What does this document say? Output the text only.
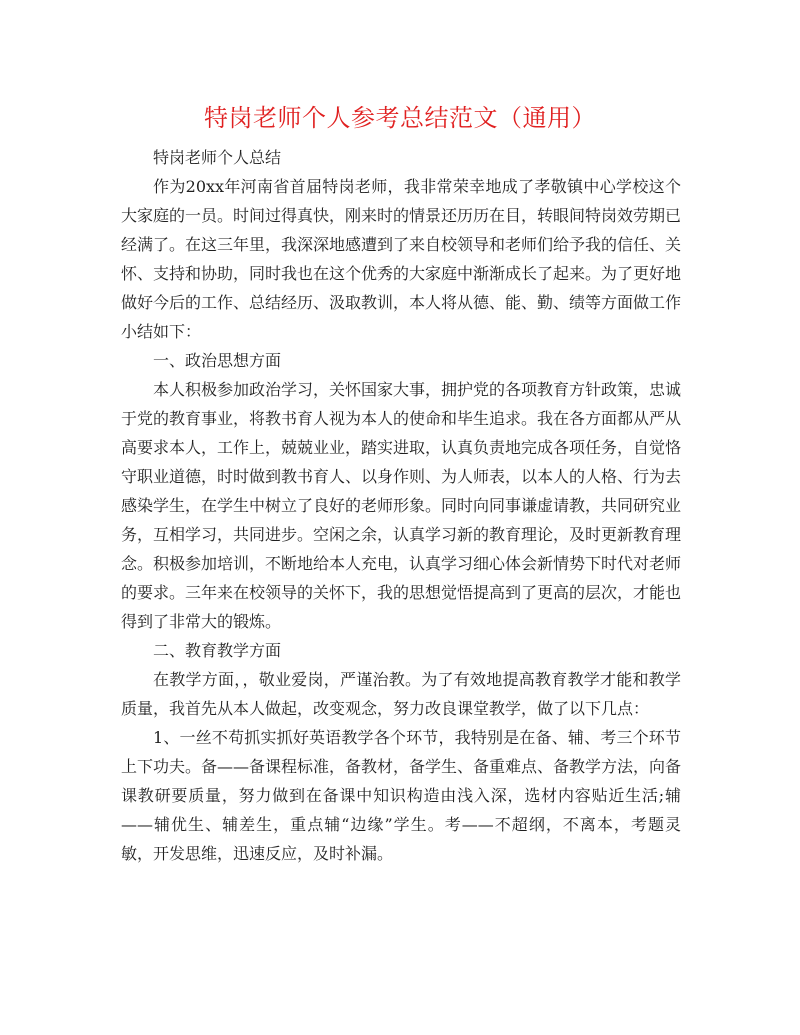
特岗老师个人参考总结范文（通用）

特岗老师个人总结

作为20xx年河南省首届特岗老师，我非常荣幸地成了孝敬镇中心学校这个大家庭的一员。时间过得真快，刚来时的情景还历历在目，转眼间特岗效劳期已经满了。在这三年里，我深深地感遭到了来自校领导和老师们给予我的信任、关怀、支持和协助，同时我也在这个优秀的大家庭中渐渐成长了起来。为了更好地做好今后的工作、总结经历、汲取教训，本人将从德、能、勤、绩等方面做工作小结如下：

一、政治思想方面

本人积极参加政治学习，关怀国家大事，拥护党的各项教育方针政策，忠诚于党的教育事业，将教书育人视为本人的使命和毕生追求。我在各方面都从严从高要求本人，工作上，兢兢业业，踏实进取，认真负责地完成各项任务，自觉恪守职业道德，时时做到教书育人、以身作则、为人师表，以本人的人格、行为去感染学生，在学生中树立了良好的老师形象。同时向同事谦虚请教，共同研究业务，互相学习，共同进步。空闲之余，认真学习新的教育理论，及时更新教育理念。积极参加培训，不断地给本人充电，认真学习细心体会新情势下时代对老师的要求。三年来在校领导的关怀下，我的思想觉悟提高到了更高的层次，才能也得到了非常大的锻炼。

二、教育教学方面

在教学方面，，敬业爱岗，严谨治教。为了有效地提高教育教学才能和教学质量，我首先从本人做起，改变观念，努力改良课堂教学，做了以下几点：

1、一丝不苟抓实抓好英语教学各个环节，我特别是在备、辅、考三个环节上下功夫。备——备课程标准，备教材，备学生、备重难点、备教学方法，向备课教研要质量，努力做到在备课中知识构造由浅入深，选材内容贴近生活;辅——辅优生、辅差生，重点辅“边缘”学生。考——不超纲，不离本，考题灵敏，开发思维，迅速反应，及时补漏。
